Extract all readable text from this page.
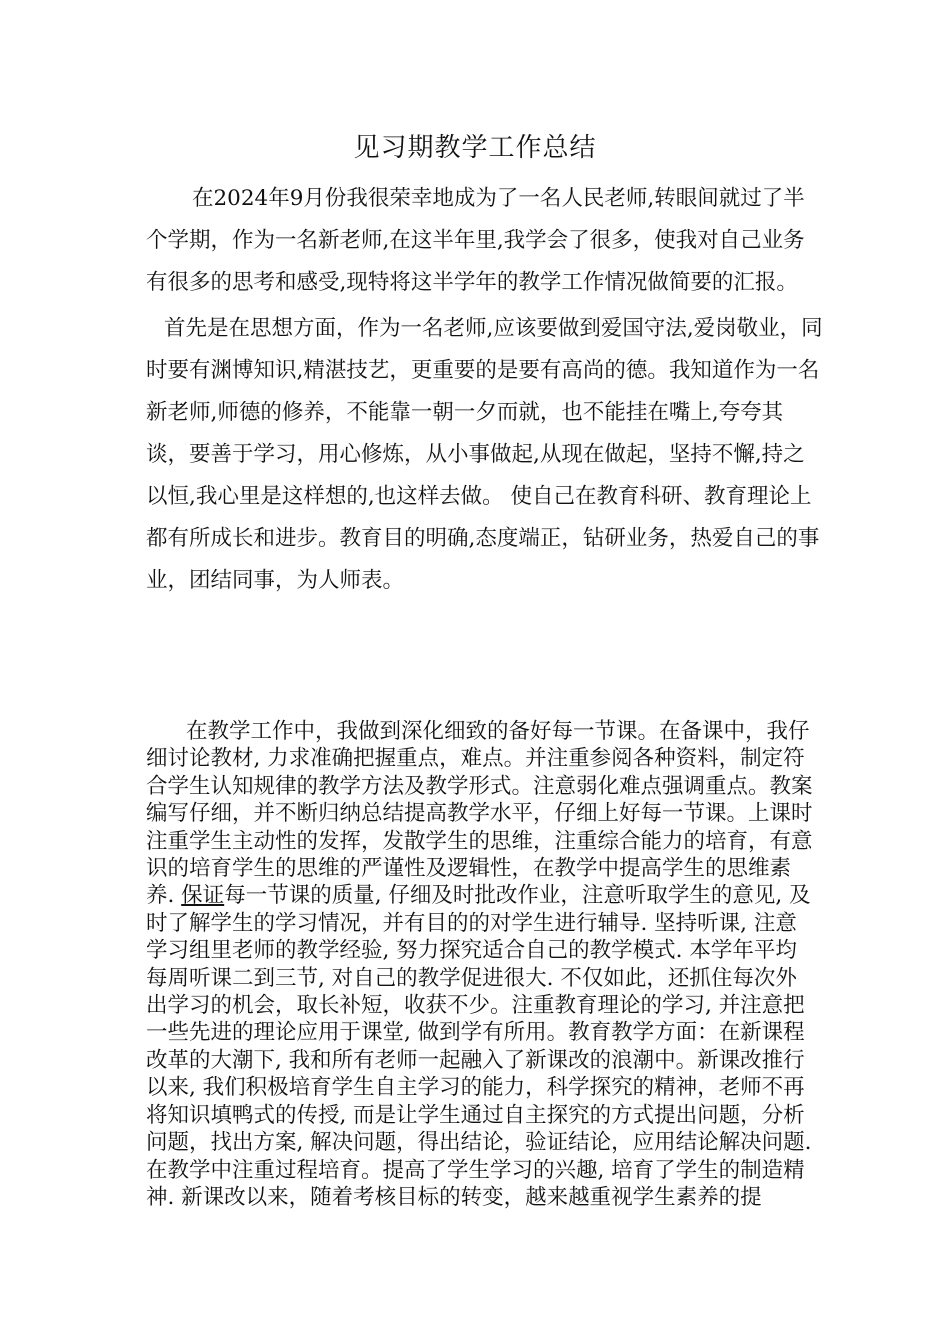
见习期教学工作总结

在2024年9月份我很荣幸地成为了一名人民老师,转眼间就过了半个学期，作为一名新老师,在这半年里,我学会了很多，使我对自己业务有很多的思考和感受,现特将这半学年的教学工作情况做简要的汇报。

首先是在思想方面，作为一名老师,应该要做到爱国守法,爱岗敬业，同时要有渊博知识,精湛技艺，更重要的是要有高尚的德。我知道作为一名新老师,师德的修养，不能靠一朝一夕而就，也不能挂在嘴上,夸夸其谈，要善于学习，用心修炼，从小事做起,从现在做起，坚持不懈,持之以恒,我心里是这样想的,也这样去做。 使自己在教育科研、教育理论上都有所成长和进步。教育目的明确,态度端正，钻研业务，热爱自己的事业，团结同事，为人师表。

在教学工作中，我做到深化细致的备好每一节课。在备课中，我仔细讨论教材, 力求准确把握重点，难点。并注重参阅各种资料，制定符合学生认知规律的教学方法及教学形式。注意弱化难点强调重点。教案编写仔细，并不断归纳总结提高教学水平，仔细上好每一节课。上课时注重学生主动性的发挥，发散学生的思维，注重综合能力的培育，有意识的培育学生的思维的严谨性及逻辑性，在教学中提高学生的思维素养. 保证每一节课的质量, 仔细及时批改作业，注意听取学生的意见, 及时了解学生的学习情况，并有目的的对学生进行辅导. 坚持听课, 注意学习组里老师的教学经验, 努力探究适合自己的教学模式. 本学年平均每周听课二到三节, 对自己的教学促进很大. 不仅如此，还抓住每次外出学习的机会，取长补短，收获不少。注重教育理论的学习, 并注意把一些先进的理论应用于课堂, 做到学有所用。教育教学方面：在新课程改革的大潮下, 我和所有老师一起融入了新课改的浪潮中。新课改推行以来, 我们积极培育学生自主学习的能力，科学探究的精神，老师不再将知识填鸭式的传授, 而是让学生通过自主探究的方式提出问题，分析问题，找出方案, 解决问题，得出结论，验证结论，应用结论解决问题. 在教学中注重过程培育。提高了学生学习的兴趣, 培育了学生的制造精神. 新课改以来，随着考核目标的转变，越来越重视学生素养的提
